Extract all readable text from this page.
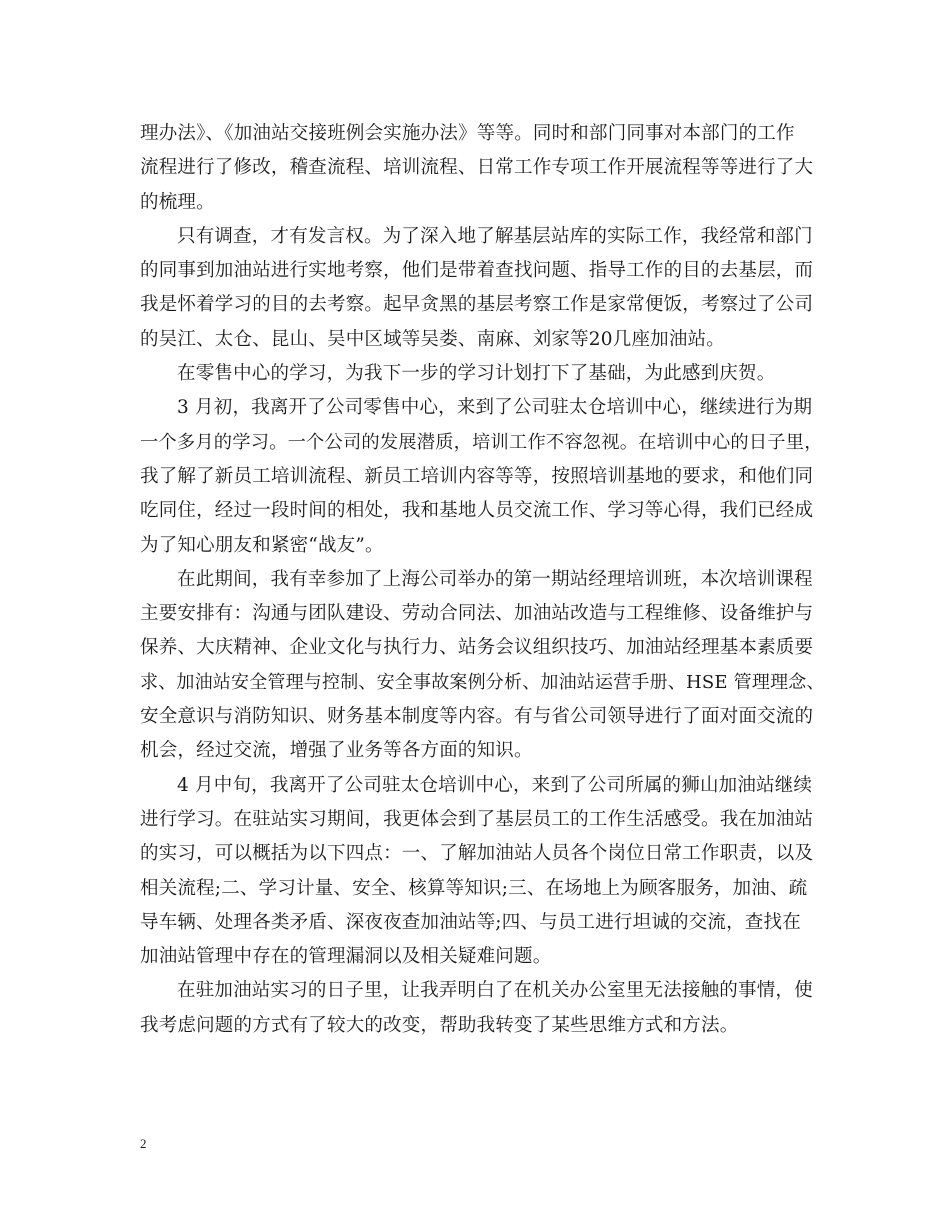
理办法》、《加油站交接班例会实施办法》等等。同时和部门同事对本部门的工作
流程进行了修改，稽查流程、培训流程、日常工作专项工作开展流程等等进行了大
的梳理。
只有调查，才有发言权。为了深入地了解基层站库的实际工作，我经常和部门
的同事到加油站进行实地考察，他们是带着查找问题、指导工作的目的去基层，而
我是怀着学习的目的去考察。起早贪黑的基层考察工作是家常便饭，考察过了公司
的吴江、太仓、昆山、吴中区域等吴娄、南麻、刘家等20几座加油站。
在零售中心的学习，为我下一步的学习计划打下了基础，为此感到庆贺。
3 月初，我离开了公司零售中心，来到了公司驻太仓培训中心，继续进行为期
一个多月的学习。一个公司的发展潜质，培训工作不容忽视。在培训中心的日子里，
我了解了新员工培训流程、新员工培训内容等等，按照培训基地的要求，和他们同
吃同住，经过一段时间的相处，我和基地人员交流工作、学习等心得，我们已经成
为了知心朋友和紧密“战友”。
在此期间，我有幸参加了上海公司举办的第一期站经理培训班，本次培训课程
主要安排有：沟通与团队建设、劳动合同法、加油站改造与工程维修、设备维护与
保养、大庆精神、企业文化与执行力、站务会议组织技巧、加油站经理基本素质要
求、加油站安全管理与控制、安全事故案例分析、加油站运营手册、HSE 管理理念、
安全意识与消防知识、财务基本制度等内容。有与省公司领导进行了面对面交流的
机会，经过交流，增强了业务等各方面的知识。
4 月中旬，我离开了公司驻太仓培训中心，来到了公司所属的狮山加油站继续
进行学习。在驻站实习期间，我更体会到了基层员工的工作生活感受。我在加油站
的实习，可以概括为以下四点：一、了解加油站人员各个岗位日常工作职责，以及
相关流程;二、学习计量、安全、核算等知识;三、在场地上为顾客服务，加油、疏
导车辆、处理各类矛盾、深夜夜查加油站等;四、与员工进行坦诚的交流，查找在
加油站管理中存在的管理漏洞以及相关疑难问题。
在驻加油站实习的日子里，让我弄明白了在机关办公室里无法接触的事情，使
我考虑问题的方式有了较大的改变，帮助我转变了某些思维方式和方法。
2
